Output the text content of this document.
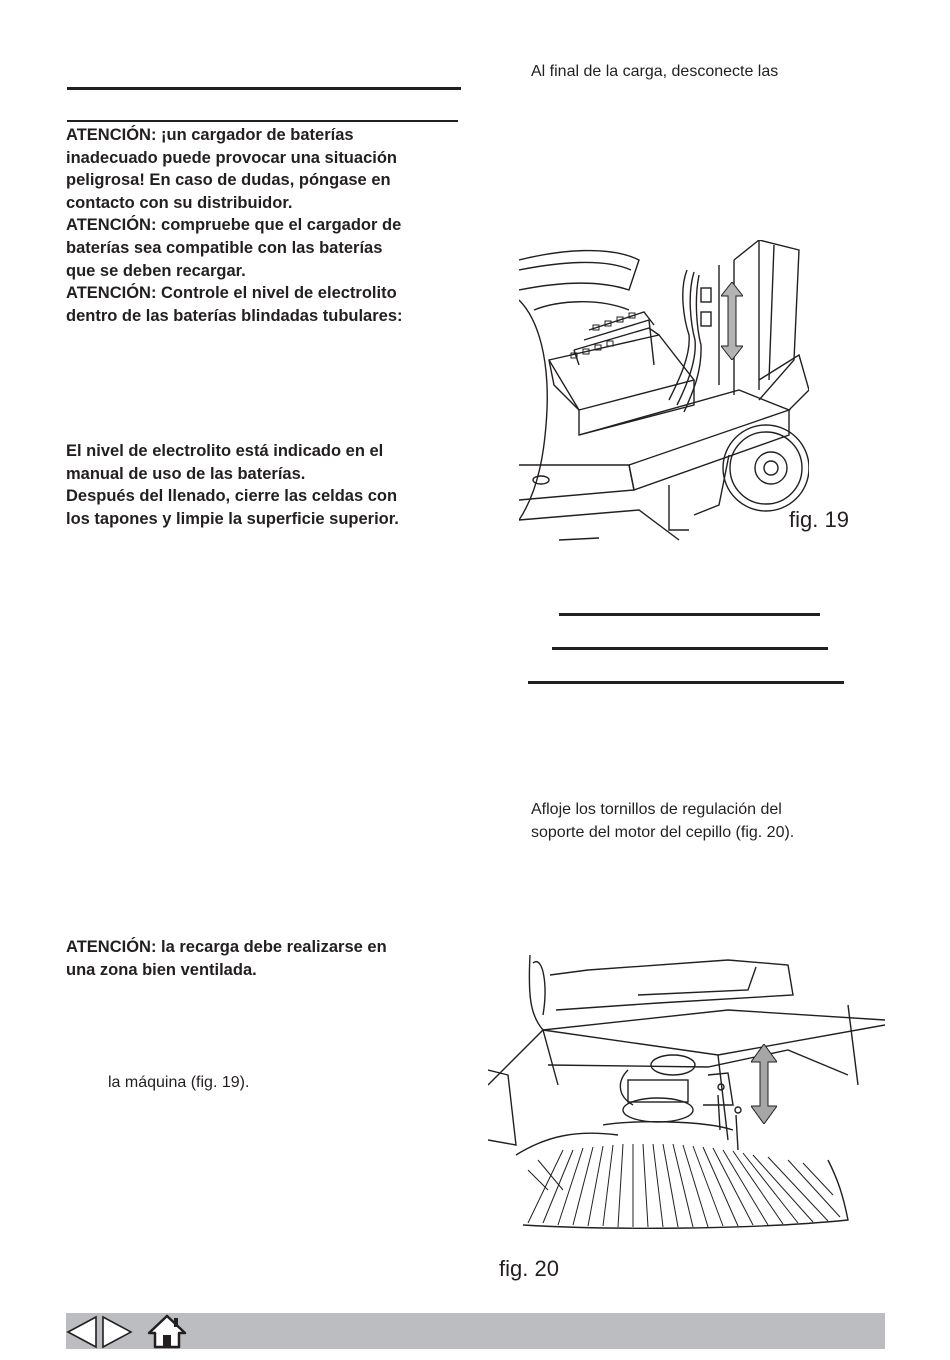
ATENCIÓN: ¡un cargador de baterías
inadecuado puede provocar una situación
peligrosa! En caso de dudas, póngase en
contacto con su distribuidor.
ATENCIÓN: compruebe que el cargador de
baterías sea compatible con las baterías
que se deben recargar.
ATENCIÓN: Controle el nivel de electrolito
dentro de las baterías blindadas tubulares:
El nivel de electrolito está indicado en el
manual de uso de las baterías.
Después del llenado, cierre las celdas con
los tapones y limpie la superficie superior.
ATENCIÓN: la recarga debe realizarse en
una zona bien ventilada.
la máquina (fig. 19).
Al final de la carga, desconecte las
fig. 19
Afloje los tornillos de regulación del
soporte del motor del cepillo (fig. 20).
fig. 20
